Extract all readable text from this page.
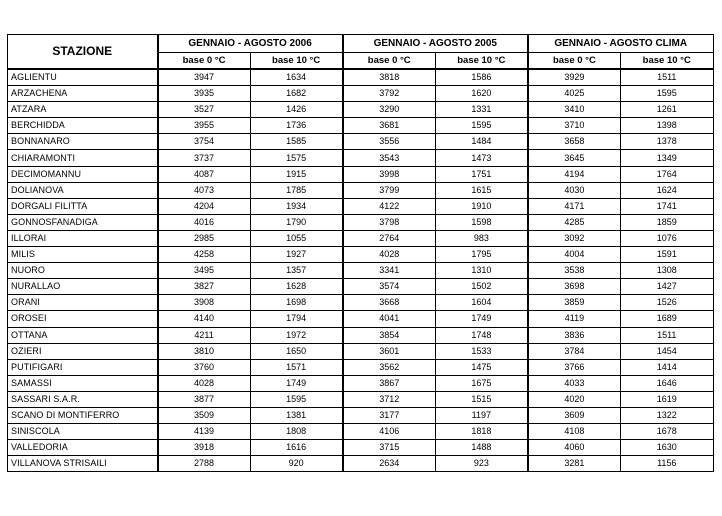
STAZIONE	GENNAIO - AGOSTO 2006		GENNAIO - AGOSTO 2005		GENNAIO - AGOSTO CLIMA	
	base 0 °C	base 10 °C	base 0 °C	base 10 °C	base 0 °C	base 10 °C
AGLIENTU	3947	1634	3818	1586	3929	1511
ARZACHENA	3935	1682	3792	1620	4025	1595
ATZARA	3527	1426	3290	1331	3410	1261
BERCHIDDA	3955	1736	3681	1595	3710	1398
BONNANARO	3754	1585	3556	1484	3658	1378
CHIARAMONTI	3737	1575	3543	1473	3645	1349
DECIMOMANNU	4087	1915	3998	1751	4194	1764
DOLIANOVA	4073	1785	3799	1615	4030	1624
DORGALI FILITTA	4204	1934	4122	1910	4171	1741
GONNOSFANADIGA	4016	1790	3798	1598	4285	1859
ILLORAI	2985	1055	2764	983	3092	1076
MILIS	4258	1927	4028	1795	4004	1591
NUORO	3495	1357	3341	1310	3538	1308
NURALLAO	3827	1628	3574	1502	3698	1427
ORANI	3908	1698	3668	1604	3859	1526
OROSEI	4140	1794	4041	1749	4119	1689
OTTANA	4211	1972	3854	1748	3836	1511
OZIERI	3810	1650	3601	1533	3784	1454
PUTIFIGARI	3760	1571	3562	1475	3766	1414
SAMASSI	4028	1749	3867	1675	4033	1646
SASSARI S.A.R.	3877	1595	3712	1515	4020	1619
SCANO DI MONTIFERRO	3509	1381	3177	1197	3609	1322
SINISCOLA	4139	1808	4106	1818	4108	1678
VALLEDORIA	3918	1616	3715	1488	4060	1630
VILLANOVA STRISAILI	2788	920	2634	923	3281	1156
